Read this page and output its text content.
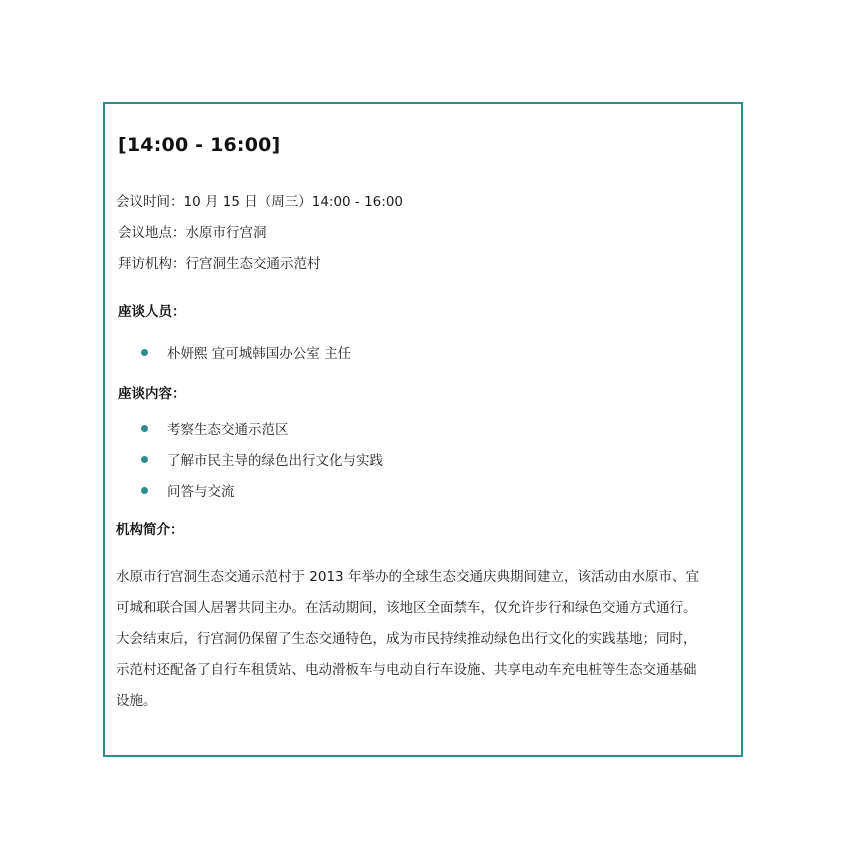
[14:00 - 16:00]
会议时间：10 月 15 日（周三）14:00 - 16:00
会议地点：水原市行宫洞
拜访机构：行宫洞生态交通示范村
座谈人员：
朴妍熙 宜可城韩国办公室 主任
座谈内容：
考察生态交通示范区
了解市民主导的绿色出行文化与实践
问答与交流
机构简介：

水原市行宫洞生态交通示范村于 2013 年举办的全球生态交通庆典期间建立，该活动由水原市、宜

可城和联合国人居署共同主办。在活动期间，该地区全面禁车，仅允许步行和绿色交通方式通行。

大会结束后，行宫洞仍保留了生态交通特色，成为市民持续推动绿色出行文化的实践基地；同时，

示范村还配备了自行车租赁站、电动滑板车与电动自行车设施、共享电动车充电桩等生态交通基础

设施。
